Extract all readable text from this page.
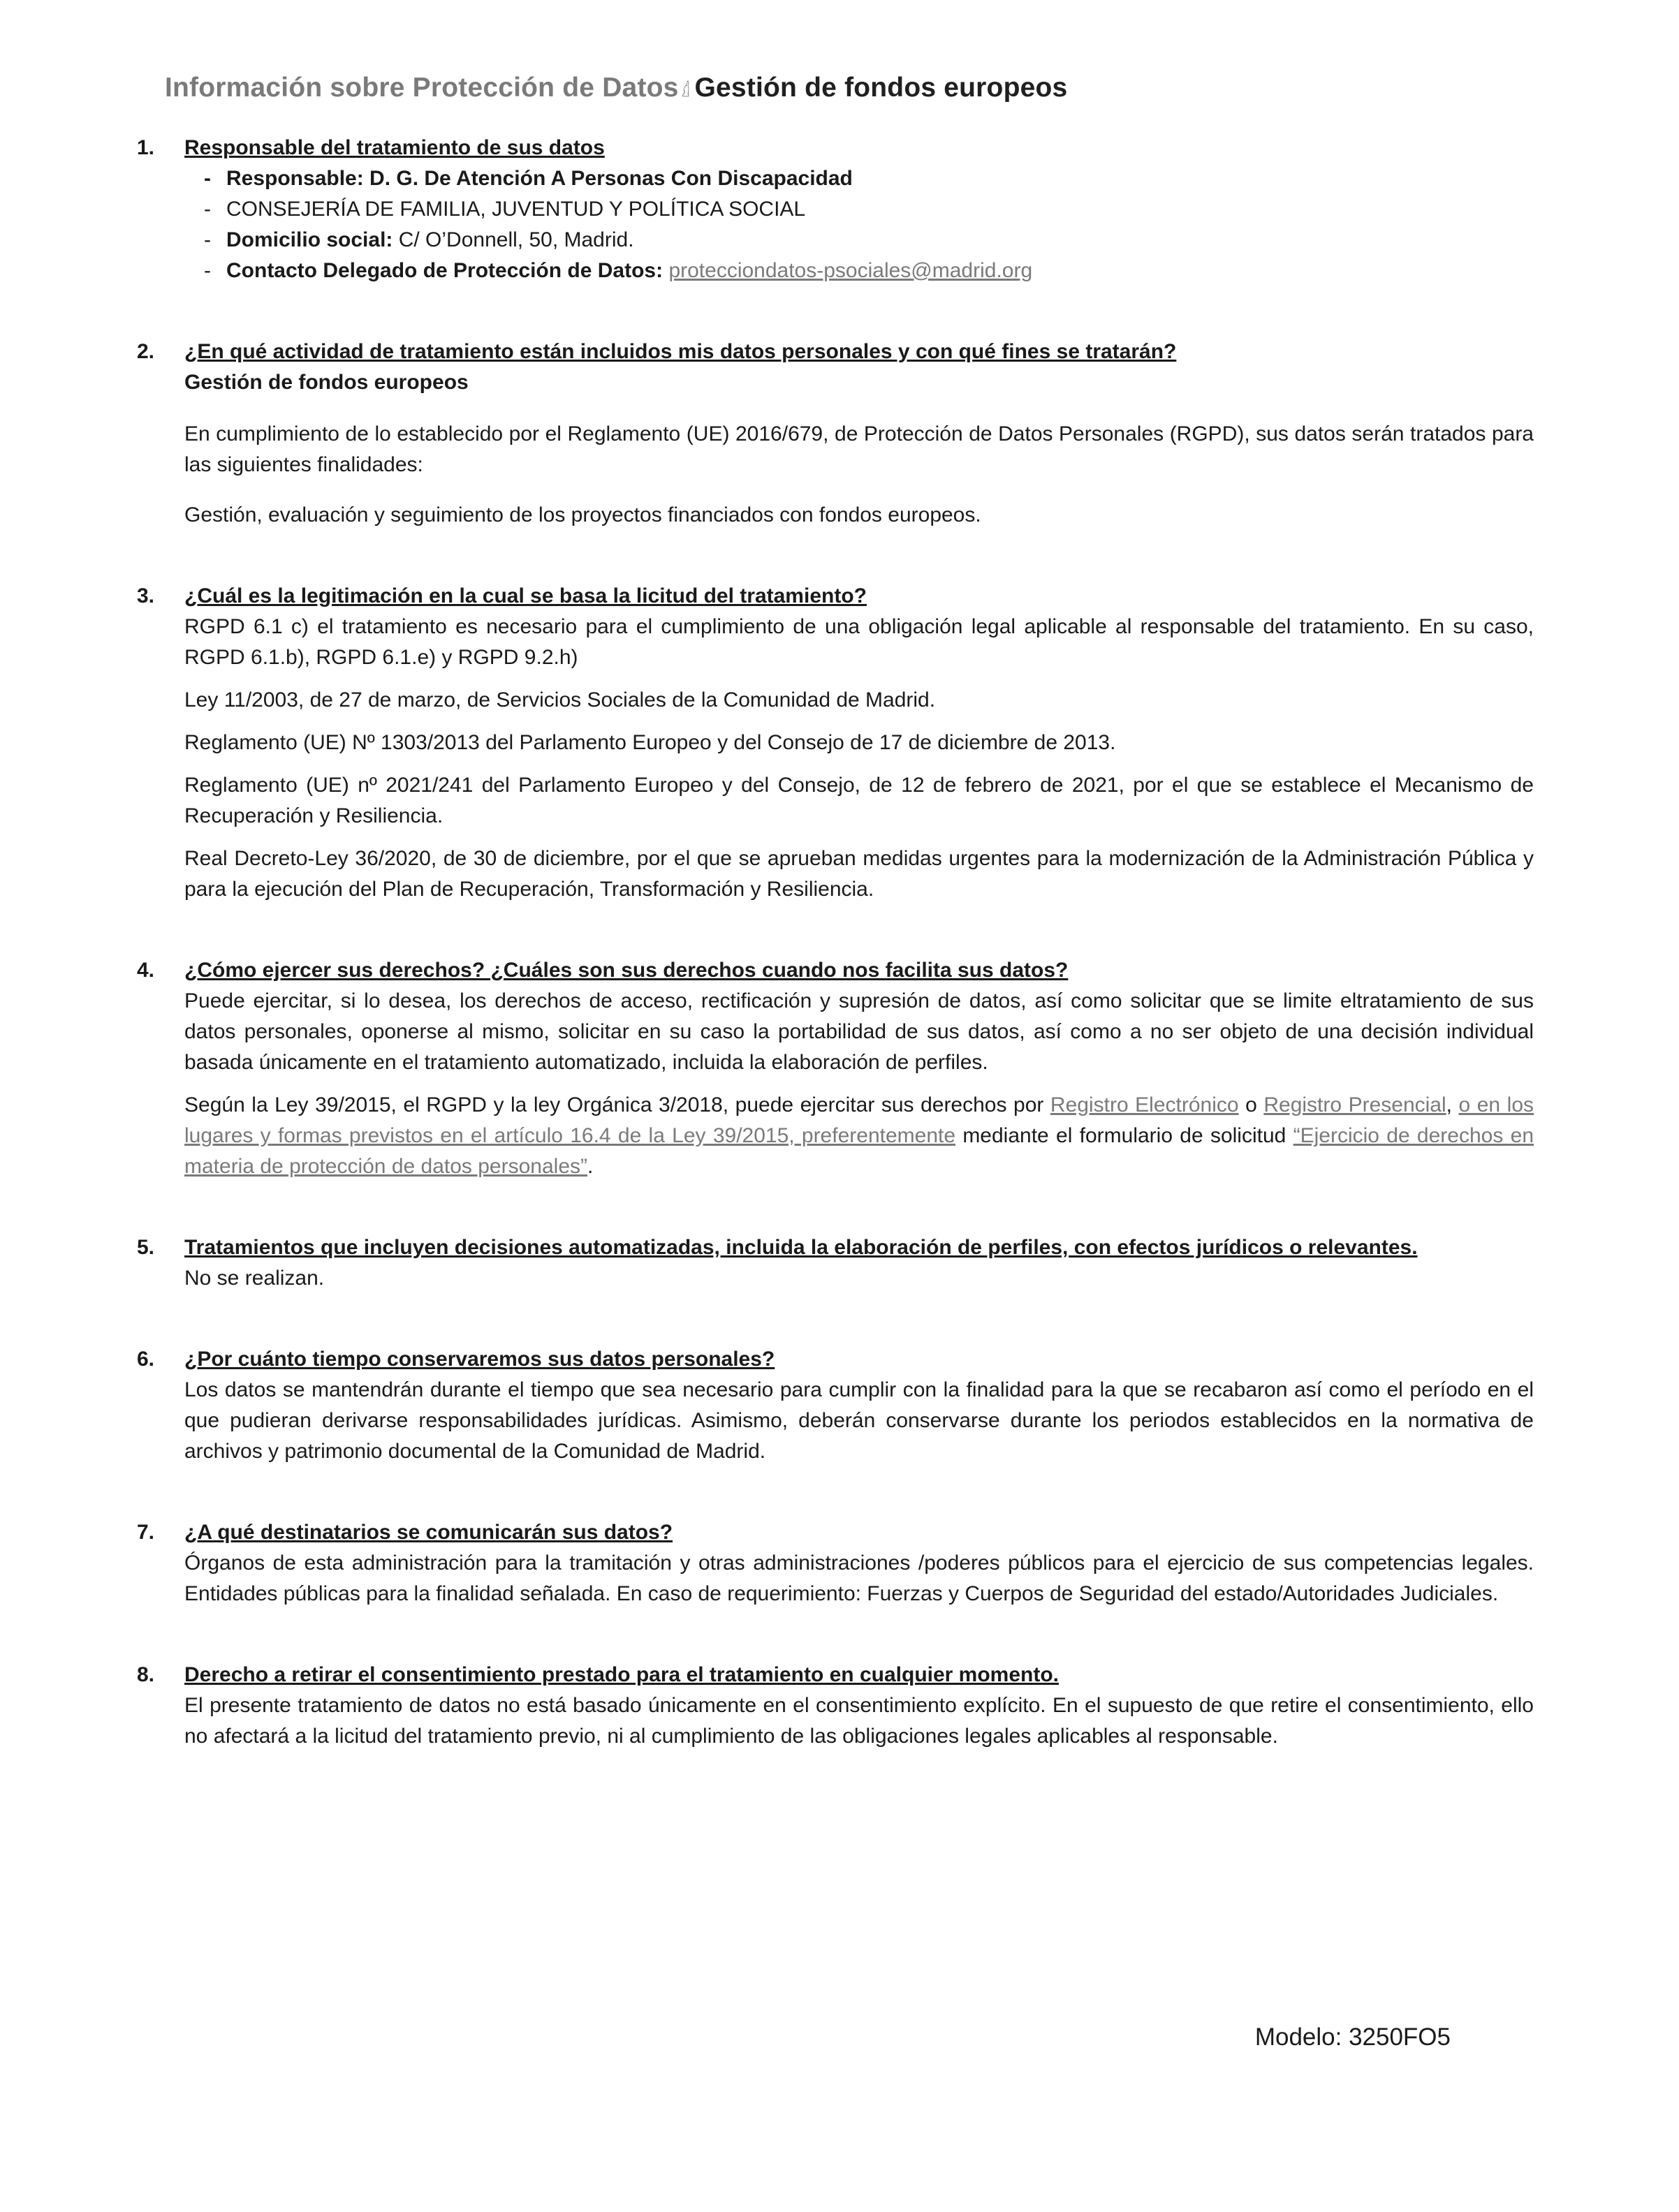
Información sobre Protección de Datos 🖞 Gestión de fondos europeos
1. Responsable del tratamiento de sus datos
- Responsable: D. G. De Atención A Personas Con Discapacidad
- CONSEJERÍA DE FAMILIA, JUVENTUD Y POLÍTICA SOCIAL
- Domicilio social: C/ O’Donnell, 50, Madrid.
- Contacto Delegado de Protección de Datos: protecciondatos-psociales@madrid.org
2. ¿En qué actividad de tratamiento están incluidos mis datos personales y con qué fines se tratarán?
Gestión de fondos europeos

En cumplimiento de lo establecido por el Reglamento (UE) 2016/679, de Protección de Datos Personales (RGPD), sus datos serán tratados para las siguientes finalidades:

Gestión, evaluación y seguimiento de los proyectos financiados con fondos europeos.

3. ¿Cuál es la legitimación en la cual se basa la licitud del tratamiento?

RGPD 6.1 c) el tratamiento es necesario para el cumplimiento de una obligación legal aplicable al responsable del tratamiento. En su caso, RGPD 6.1.b), RGPD 6.1.e) y RGPD 9.2.h)

Ley 11/2003, de 27 de marzo, de Servicios Sociales de la Comunidad de Madrid.

Reglamento (UE) Nº 1303/2013 del Parlamento Europeo y del Consejo de 17 de diciembre de 2013.

Reglamento (UE) nº 2021/241 del Parlamento Europeo y del Consejo, de 12 de febrero de 2021, por el que se establece el Mecanismo de Recuperación y Resiliencia.

Real Decreto-Ley 36/2020, de 30 de diciembre, por el que se aprueban medidas urgentes para la modernización de la Administración Pública y para la ejecución del Plan de Recuperación, Transformación y Resiliencia.

4. ¿Cómo ejercer sus derechos? ¿Cuáles son sus derechos cuando nos facilita sus datos?

Puede ejercitar, si lo desea, los derechos de acceso, rectificación y supresión de datos, así como solicitar que se limite eltratamiento de sus datos personales, oponerse al mismo, solicitar en su caso la portabilidad de sus datos, así como a no ser objeto de una decisión individual basada únicamente en el tratamiento automatizado, incluida la elaboración de perfiles.

Según la Ley 39/2015, el RGPD y la ley Orgánica 3/2018, puede ejercitar sus derechos por Registro Electrónico o Registro Presencial, o en los lugares y formas previstos en el artículo 16.4 de la Ley 39/2015, preferentemente mediante el formulario de solicitud “Ejercicio de derechos en materia de protección de datos personales”.

5. Tratamientos que incluyen decisiones automatizadas, incluida la elaboración de perfiles, con efectos jurídicos o relevantes.

No se realizan.

6. ¿Por cuánto tiempo conservaremos sus datos personales?

Los datos se mantendrán durante el tiempo que sea necesario para cumplir con la finalidad para la que se recabaron así como el período en el que pudieran derivarse responsabilidades jurídicas. Asimismo, deberán conservarse durante los periodos establecidos en la normativa de archivos y patrimonio documental de la Comunidad de Madrid.

7. ¿A qué destinatarios se comunicarán sus datos?

Órganos de esta administración para la tramitación y otras administraciones /poderes públicos para el ejercicio de sus competencias legales. Entidades públicas para la finalidad señalada. En caso de requerimiento: Fuerzas y Cuerpos de Seguridad del estado/Autoridades Judiciales.

8. Derecho a retirar el consentimiento prestado para el tratamiento en cualquier momento.

El presente tratamiento de datos no está basado únicamente en el consentimiento explícito. En el supuesto de que retire el consentimiento, ello no afectará a la licitud del tratamiento previo, ni al cumplimiento de las obligaciones legales aplicables al responsable.

Modelo: 3250FO5
